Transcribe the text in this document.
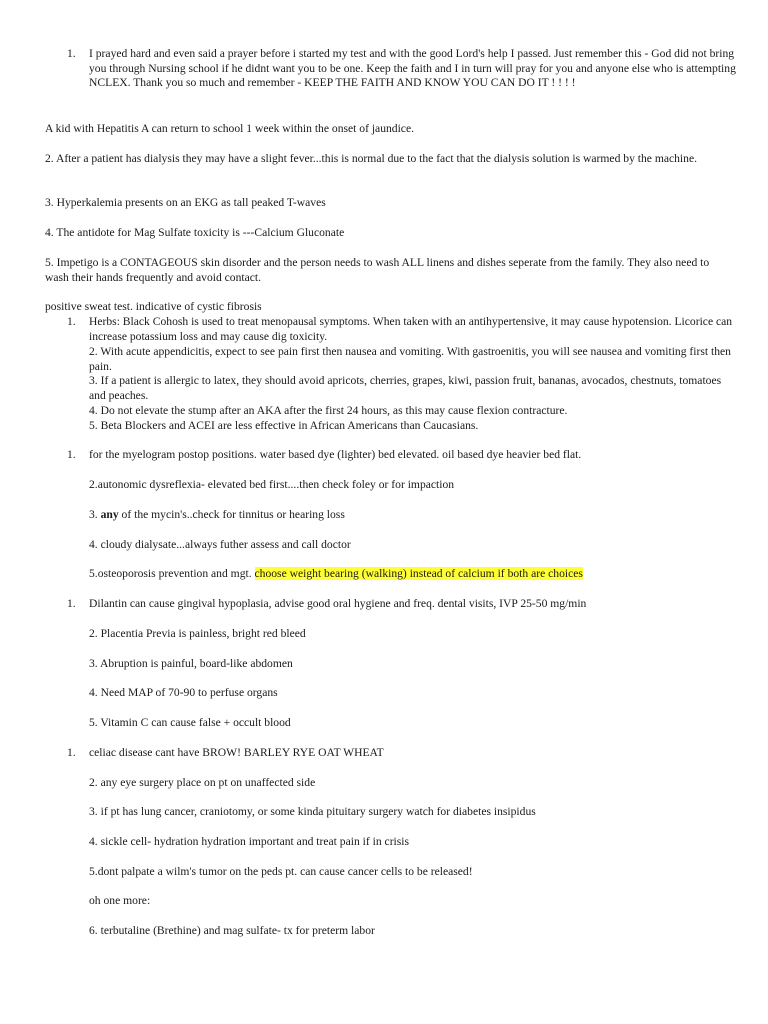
1. I prayed hard and even said a prayer before i started my test and with the good Lord's help I passed. Just remember this - God did not bring you through Nursing school if he didnt want you to be one. Keep the faith and I in turn will pray for you and anyone else who is attempting NCLEX. Thank you so much and remember - KEEP THE FAITH AND KNOW YOU CAN DO IT ! ! ! !

A kid with Hepatitis A can return to school 1 week within the onset of jaundice.

2. After a patient has dialysis they may have a slight fever...this is normal due to the fact that the dialysis solution is warmed by the machine.

3. Hyperkalemia presents on an EKG as tall peaked T-waves

4. The antidote for Mag Sulfate toxicity is ---Calcium Gluconate

5. Impetigo is a CONTAGEOUS skin disorder and the person needs to wash ALL linens and dishes seperate from the family. They also need to wash their hands frequently and avoid contact.

positive sweat test. indicative of cystic fibrosis

1. Herbs: Black Cohosh is used to treat menopausal symptoms. When taken with an antihypertensive, it may cause hypotension. Licorice can increase potassium loss and may cause dig toxicity.

2. With acute appendicitis, expect to see pain first then nausea and vomiting. With gastroenitis, you will see nausea and vomiting first then pain.

3. If a patient is allergic to latex, they should avoid apricots, cherries, grapes, kiwi, passion fruit, bananas, avocados, chestnuts, tomatoes and peaches.

4. Do not elevate the stump after an AKA after the first 24 hours, as this may cause flexion contracture.

5. Beta Blockers and ACEI are less effective in African Americans than Caucasians.

1. for the myelogram postop positions. water based dye (lighter) bed elevated. oil based dye heavier bed flat.

2.autonomic dysreflexia- elevated bed first....then check foley or for impaction

3. any of the mycin's..check for tinnitus or hearing loss

4. cloudy dialysate...always futher assess and call doctor

5.osteoporosis prevention and mgt. choose weight bearing (walking) instead of calcium if both are choices

1. Dilantin can cause gingival hypoplasia, advise good oral hygiene and freq. dental visits, IVP 25-50 mg/min

2. Placentia Previa is painless, bright red bleed

3. Abruption is painful, board-like abdomen

4. Need MAP of 70-90 to perfuse organs

5. Vitamin C can cause false + occult blood

1. celiac disease cant have BROW! BARLEY RYE OAT WHEAT

2. any eye surgery place on pt on unaffected side

3. if pt has lung cancer, craniotomy, or some kinda pituitary surgery watch for diabetes insipidus

4. sickle cell- hydration hydration important and treat pain if in crisis

5.dont palpate a wilm's tumor on the peds pt. can cause cancer cells to be released!

oh one more:

6. terbutaline (Brethine) and mag sulfate- tx for preterm labor
